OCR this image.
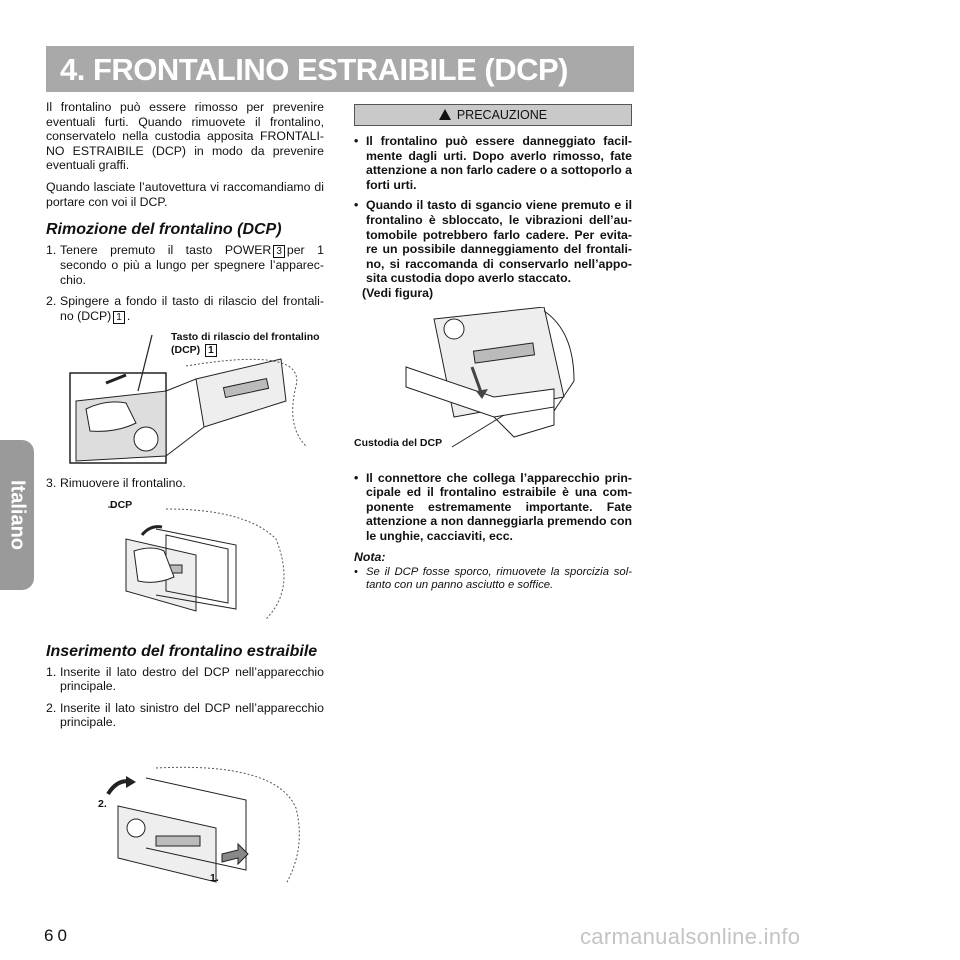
4. FRONTALINO ESTRAIBILE (DCP)
Italiano

Il frontalino può essere rimosso per prevenire eventuali furti. Quando rimuovete il frontalino, conservatelo nella custodia apposita FRONTALI-NO ESTRAIBILE (DCP) in modo da prevenire eventuali graffi.

Quando lasciate l’autovettura vi raccomandiamo di portare con voi il DCP.

Rimozione del frontalino (DCP)
1. Tenere premuto il tasto POWER 3 per 1 secondo o più a lungo per spegnere l’apparec-chio.
2. Spingere a fondo il tasto di rilascio del frontali-no (DCP) 1 .
Tasto di rilascio del frontalino
(DCP) 1
3. Rimuovere il frontalino.
DCP
Inserimento del frontalino estraibile
1. Inserite il lato destro del DCP nell’apparecchio principale.
2. Inserite il lato sinistro del DCP nell’apparecchio principale.
2.
1.
PRECAUZIONE
• Il frontalino può essere danneggiato facil-mente dagli urti. Dopo averlo rimosso, fate attenzione a non farlo cadere o a sottoporlo a forti urti.
• Quando il tasto di sgancio viene premuto e il frontalino è sbloccato, le vibrazioni dell’au-tomobile potrebbero farlo cadere. Per evita-re un possibile danneggiamento del frontali-no, si raccomanda di conservarlo nell’appo-sita custodia dopo averlo staccato.
(Vedi figura)
Custodia del DCP
• Il connettore che collega l’apparecchio prin-cipale ed il frontalino estraibile è una com-ponente estremamente importante. Fate attenzione a non danneggiarla premendo con le unghie, cacciaviti, ecc.
Nota:
• Se il DCP fosse sporco, rimuovete la sporcizia sol-tanto con un panno asciutto e soffice.
60	carmanualsonline.info
